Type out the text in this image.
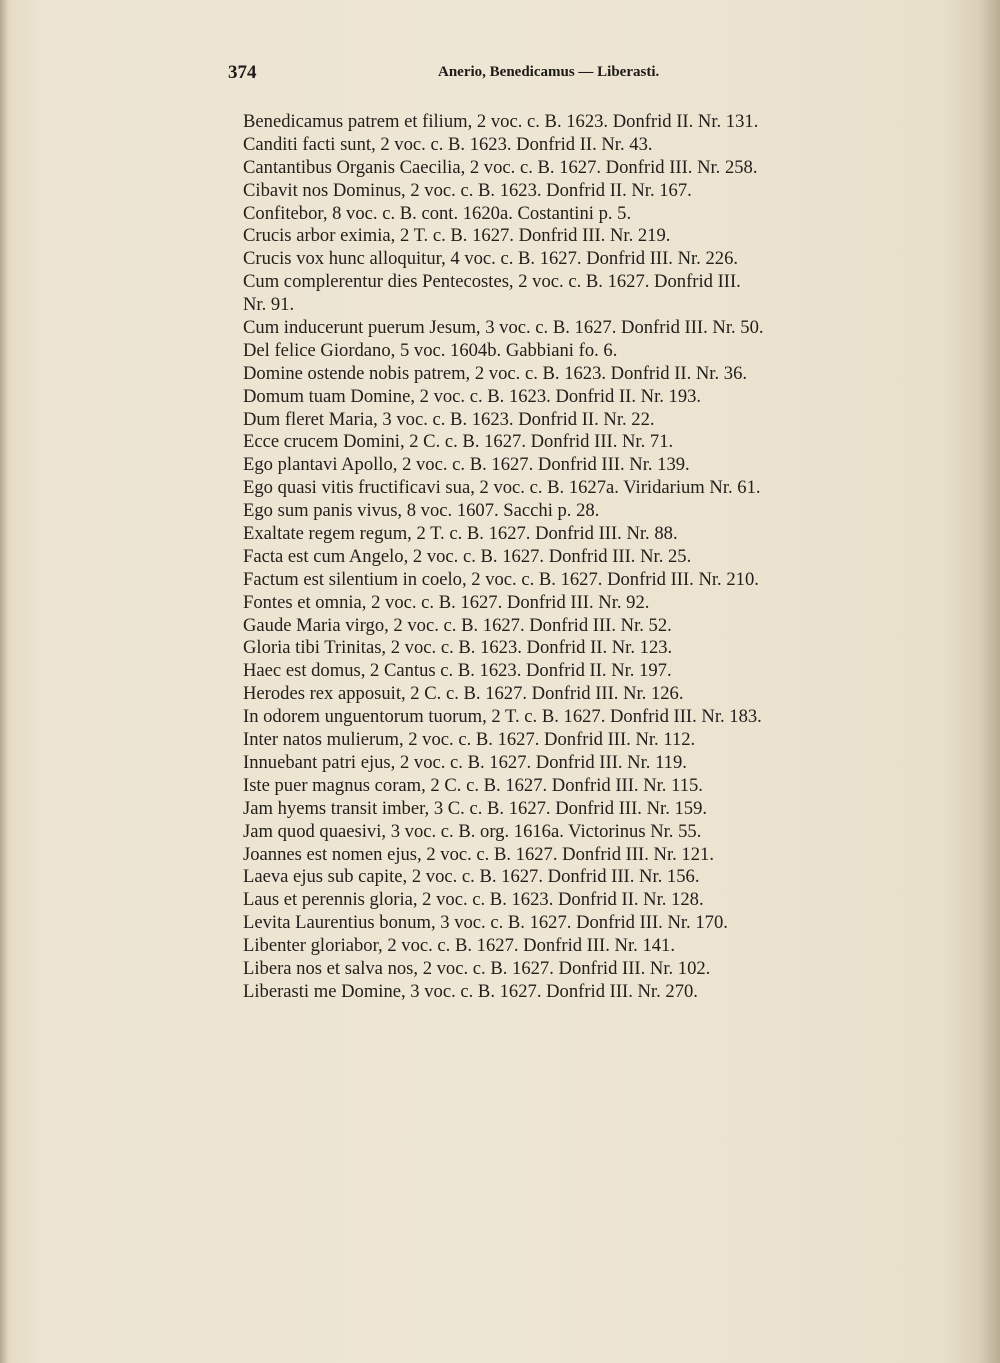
374	Anerio, Benedicamus — Liberasti.
Benedicamus patrem et filium, 2 voc. c. B. 1623. Donfrid II. Nr. 131.
Canditi facti sunt, 2 voc. c. B. 1623. Donfrid II. Nr. 43.
Cantantibus Organis Caecilia, 2 voc. c. B. 1627. Donfrid III. Nr. 258.
Cibavit nos Dominus, 2 voc. c. B. 1623. Donfrid II. Nr. 167.
Confitebor, 8 voc. c. B. cont. 1620a. Costantini p. 5.
Crucis arbor eximia, 2 T. c. B. 1627. Donfrid III. Nr. 219.
Crucis vox hunc alloquitur, 4 voc. c. B. 1627. Donfrid III. Nr. 226.
Cum complerentur dies Pentecostes, 2 voc. c. B. 1627. Donfrid III.
Nr. 91.
Cum inducerunt puerum Jesum, 3 voc. c. B. 1627. Donfrid III. Nr. 50.
Del felice Giordano, 5 voc. 1604b. Gabbiani fo. 6.
Domine ostende nobis patrem, 2 voc. c. B. 1623. Donfrid II. Nr. 36.
Domum tuam Domine, 2 voc. c. B. 1623. Donfrid II. Nr. 193.
Dum fleret Maria, 3 voc. c. B. 1623. Donfrid II. Nr. 22.
Ecce crucem Domini, 2 C. c. B. 1627. Donfrid III. Nr. 71.
Ego plantavi Apollo, 2 voc. c. B. 1627. Donfrid III. Nr. 139.
Ego quasi vitis fructificavi sua, 2 voc. c. B. 1627a. Viridarium Nr. 61.
Ego sum panis vivus, 8 voc. 1607. Sacchi p. 28.
Exaltate regem regum, 2 T. c. B. 1627. Donfrid III. Nr. 88.
Facta est cum Angelo, 2 voc. c. B. 1627. Donfrid III. Nr. 25.
Factum est silentium in coelo, 2 voc. c. B. 1627. Donfrid III. Nr. 210.
Fontes et omnia, 2 voc. c. B. 1627. Donfrid III. Nr. 92.
Gaude Maria virgo, 2 voc. c. B. 1627. Donfrid III. Nr. 52.
Gloria tibi Trinitas, 2 voc. c. B. 1623. Donfrid II. Nr. 123.
Haec est domus, 2 Cantus c. B. 1623. Donfrid II. Nr. 197.
Herodes rex apposuit, 2 C. c. B. 1627. Donfrid III. Nr. 126.
In odorem unguentorum tuorum, 2 T. c. B. 1627. Donfrid III. Nr. 183.
Inter natos mulierum, 2 voc. c. B. 1627. Donfrid III. Nr. 112.
Innuebant patri ejus, 2 voc. c. B. 1627. Donfrid III. Nr. 119.
Iste puer magnus coram, 2 C. c. B. 1627. Donfrid III. Nr. 115.
Jam hyems transit imber, 3 C. c. B. 1627. Donfrid III. Nr. 159.
Jam quod quaesivi, 3 voc. c. B. org. 1616a. Victorinus Nr. 55.
Joannes est nomen ejus, 2 voc. c. B. 1627. Donfrid III. Nr. 121.
Laeva ejus sub capite, 2 voc. c. B. 1627. Donfrid III. Nr. 156.
Laus et perennis gloria, 2 voc. c. B. 1623. Donfrid II. Nr. 128.
Levita Laurentius bonum, 3 voc. c. B. 1627. Donfrid III. Nr. 170.
Libenter gloriabor, 2 voc. c. B. 1627. Donfrid III. Nr. 141.
Libera nos et salva nos, 2 voc. c. B. 1627. Donfrid III. Nr. 102.
Liberasti me Domine, 3 voc. c. B. 1627. Donfrid III. Nr. 270.
